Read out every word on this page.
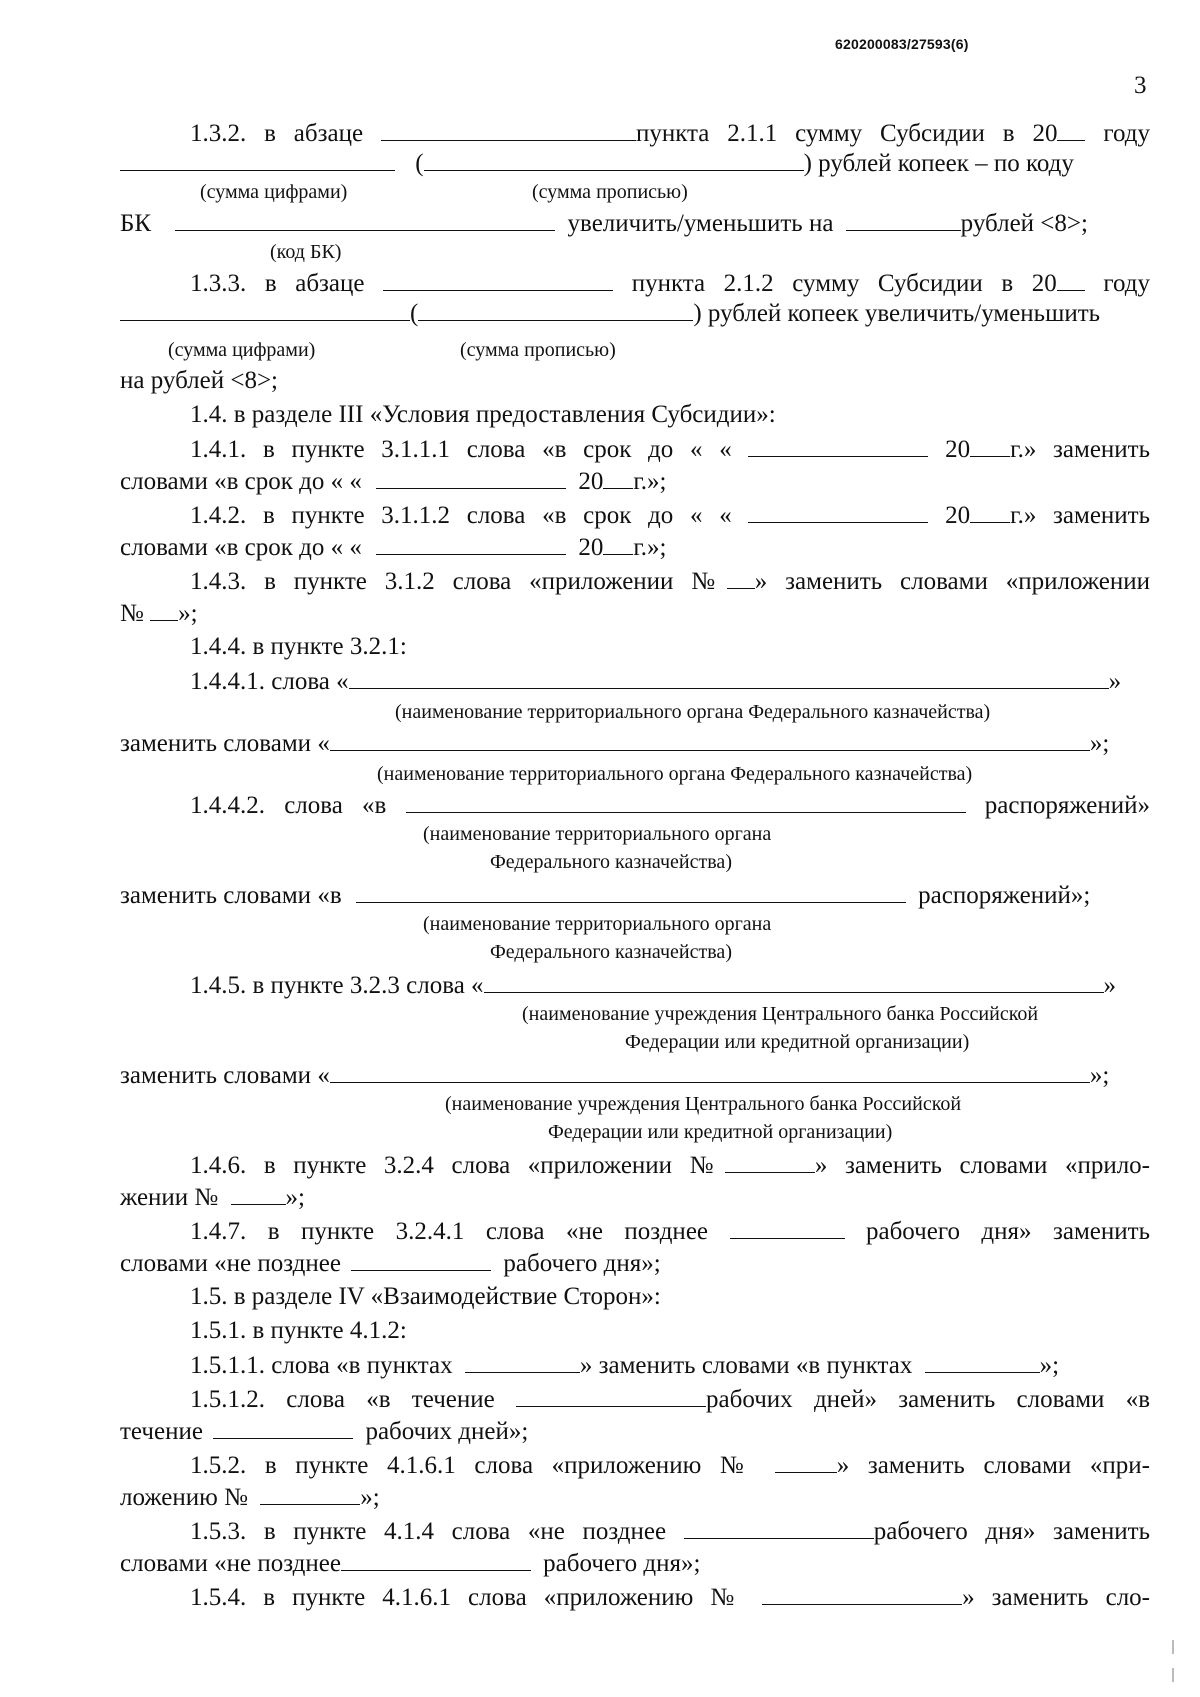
620200083/27593(6)
3
1.3.2. в абзаце	пункта 2.1.1 сумму Субсидии в 20 году
(	) рублей копеек – по коду
(сумма цифрами)	(сумма прописью)
БК	увеличить/уменьшить на	рублей <8>;
(код БК)
1.3.3. в абзаце	пункта 2.1.2 сумму Субсидии в 20 году
(	) рублей копеек увеличить/уменьшить
(сумма цифрами)	(сумма прописью)
на рублей <8>;
1.4. в разделе III «Условия предоставления Субсидии»:
1.4.1. в пункте 3.1.1.1 слова «в срок до « «	20 г.» заменить
словами «в срок до « «	20 г.»;
1.4.2. в пункте 3.1.1.2 слова «в срок до « «	20 г.» заменить
словами «в срок до « «	20 г.»;
1.4.3. в пункте 3.1.2 слова «приложении № » заменить словами «приложении
№ »;
1.4.4. в пункте 3.2.1:
1.4.4.1. слова «	»
(наименование территориального органа Федерального казначейства)
заменить словами «	»;
(наименование территориального органа Федерального казначейства)
1.4.4.2. слова «в	распоряжений»
(наименование территориального органа
Федерального казначейства)
заменить словами «в	распоряжений»;
(наименование территориального органа
Федерального казначейства)
1.4.5. в пункте 3.2.3 слова «	»
(наименование учреждения Центрального банка Российской
Федерации или кредитной организации)
заменить словами «	»;
(наименование учреждения Центрального банка Российской
Федерации или кредитной организации)
1.4.6. в пункте 3.2.4 слова «приложении №	» заменить словами «прило-
жении №	»;
1.4.7. в пункте 3.2.4.1 слова «не позднее	рабочего дня» заменить
словами «не позднее	рабочего дня»;
1.5. в разделе IV «Взаимодействие Сторон»:
1.5.1. в пункте 4.1.2:
1.5.1.1. слова «в пунктах	» заменить словами «в пунктах	»;
1.5.1.2. слова «в течение	рабочих дней» заменить словами «в
течение	рабочих дней»;
1.5.2. в пункте 4.1.6.1 слова «приложению №	» заменить словами «при-
ложению №	»;
1.5.3. в пункте 4.1.4 слова «не позднее	рабочего дня» заменить
словами «не позднее	рабочего дня»;
1.5.4. в пункте 4.1.6.1 слова «приложению №	» заменить сло-
